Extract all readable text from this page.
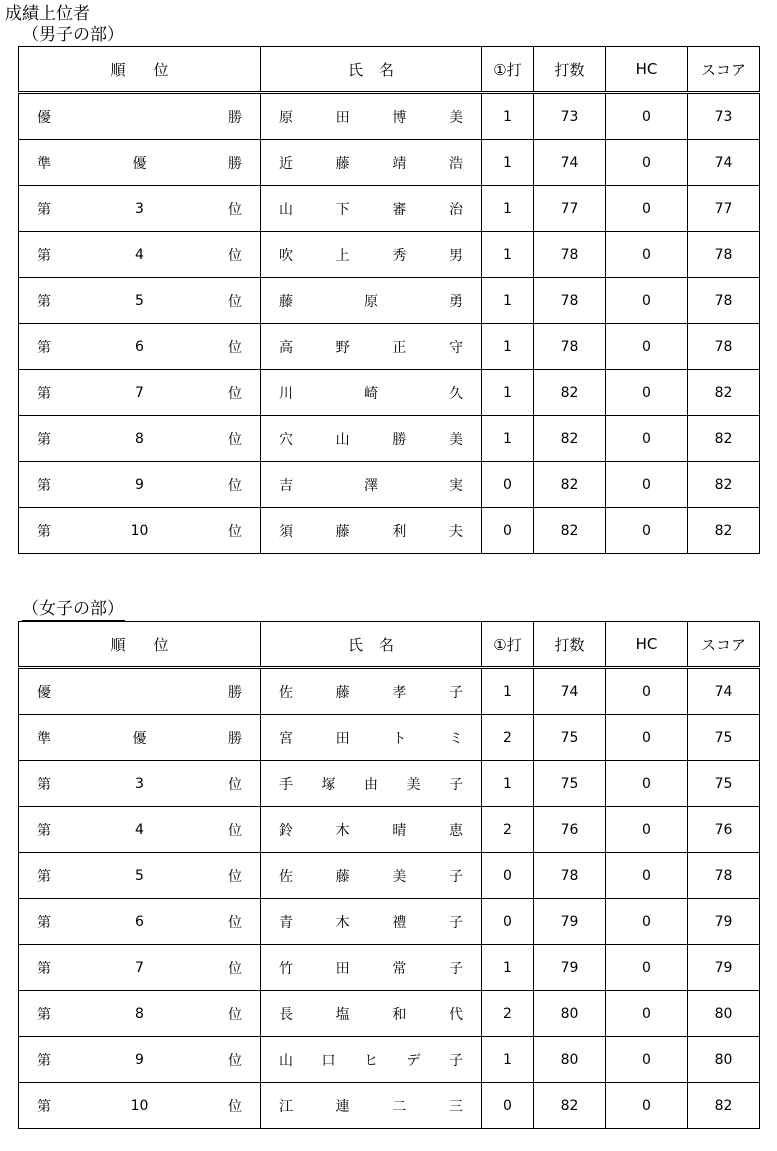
成績上位者
（男子の部）
順 位	氏 名	①打	打数	HC	スコア

優 勝	原 田 博 美	1	73	0	73

準 優 勝	近 藤 靖 浩	1	74	0	74

第 3 位	山 下 審 治	1	77	0	77

第 4 位	吹 上 秀 男	1	78	0	78

第 5 位	藤 原 勇	1	78	0	78

第 6 位	高 野 正 守	1	78	0	78

第 7 位	川 崎 久	1	82	0	82

第 8 位	穴 山 勝 美	1	82	0	82

第 9 位	吉 澤 実	0	82	0	82

第 10 位	須 藤 利 夫	0	82	0	82
（女子の部）
順 位	氏 名	①打	打数	HC	スコア

優 勝	佐 藤 孝 子	1	74	0	74

準 優 勝	宮 田 ト ミ	2	75	0	75

第 3 位	手 塚 由 美 子	1	75	0	75

第 4 位	鈴 木 晴 恵	2	76	0	76

第 5 位	佐 藤 美 子	0	78	0	78

第 6 位	青 木 禮 子	0	79	0	79

第 7 位	竹 田 常 子	1	79	0	79

第 8 位	長 塩 和 代	2	80	0	80

第 9 位	山 口 ヒ デ 子	1	80	0	80

第 10 位	江 連 二 三	0	82	0	82
